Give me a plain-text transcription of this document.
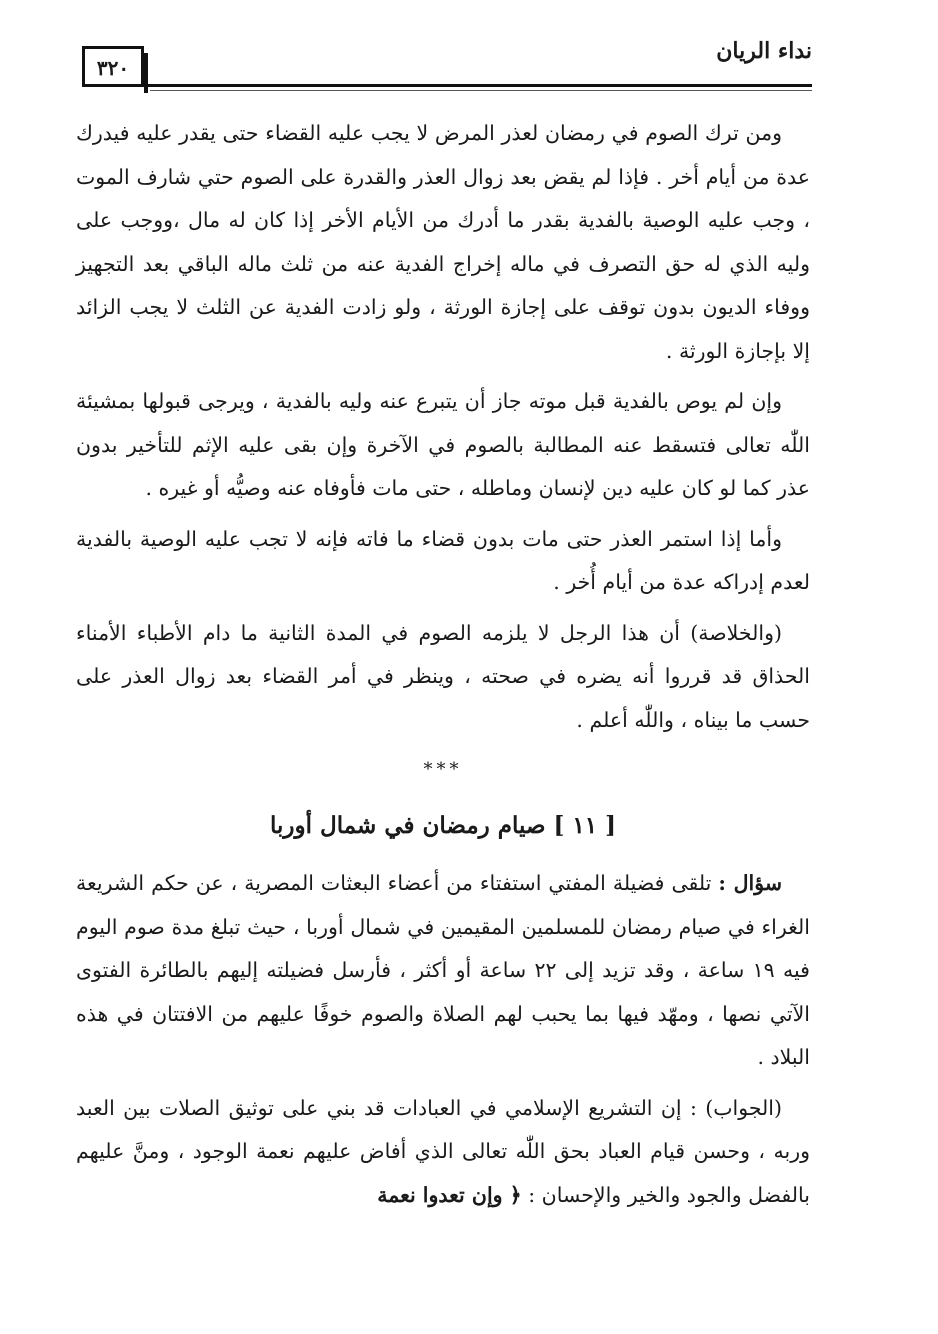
نداء الريان
٣٢٠

ومن ترك الصوم في رمضان لعذر المرض لا يجب عليه القضاء حتى يقدر عليه فيدرك عدة من أيام أخر . فإذا لم يقض بعد زوال العذر والقدرة على الصوم حتي شارف الموت ، وجب عليه الوصية بالفدية بقدر ما أدرك من الأيام الأخر إذا كان له مال ،ووجب على وليه الذي له حق التصرف في ماله إخراج الفدية عنه من ثلث ماله الباقي بعد التجهيز ووفاء الديون بدون توقف على إجازة الورثة ، ولو زادت الفدية عن الثلث لا يجب الزائد إلا بإجازة الورثة .

وإن لم يوص بالفدية قبل موته جاز أن يتبرع عنه وليه بالفدية ، ويرجى قبولها بمشيئة اللّٰه تعالى فتسقط عنه المطالبة بالصوم في الآخرة وإن بقى عليه الإثم للتأخير بدون عذر كما لو كان عليه دين لإنسان وماطله ، حتى مات فأوفاه عنه وصيُّه أو غيره .

وأما إذا استمر العذر حتى مات بدون قضاء ما فاته فإنه لا تجب عليه الوصية بالفدية لعدم إدراكه عدة من أيام أُخر .

(والخلاصة) أن هذا الرجل لا يلزمه الصوم في المدة الثانية ما دام الأطباء الأمناء الحذاق قد قرروا أنه يضره في صحته ، وينظر في أمر القضاء بعد زوال العذر على حسب ما بيناه ، واللّٰه أعلم .

***
[ ١١ ] صيام رمضان في شمال أوربا

سؤال : تلقى فضيلة المفتي استفتاء من أعضاء البعثات المصرية ، عن حكم الشريعة الغراء في صيام رمضان للمسلمين المقيمين في شمال أوربا ، حيث تبلغ مدة صوم اليوم فيه ١٩ ساعة ، وقد تزيد إلى ٢٢ ساعة أو أكثر ، فأرسل فضيلته إليهم بالطائرة الفتوى الآتي نصها ، ومهّد فيها بما يحبب لهم الصلاة والصوم خوفًا عليهم من الافتتان في هذه البلاد .

(الجواب) : إن التشريع الإسلامي في العبادات قد بني على توثيق الصلات بين العبد وربه ، وحسن قيام العباد بحق اللّٰه تعالى الذي أفاض عليهم نعمة الوجود ، ومنَّ عليهم بالفضل والجود والخير والإحسان : ﴿ وإن تعدوا نعمة
